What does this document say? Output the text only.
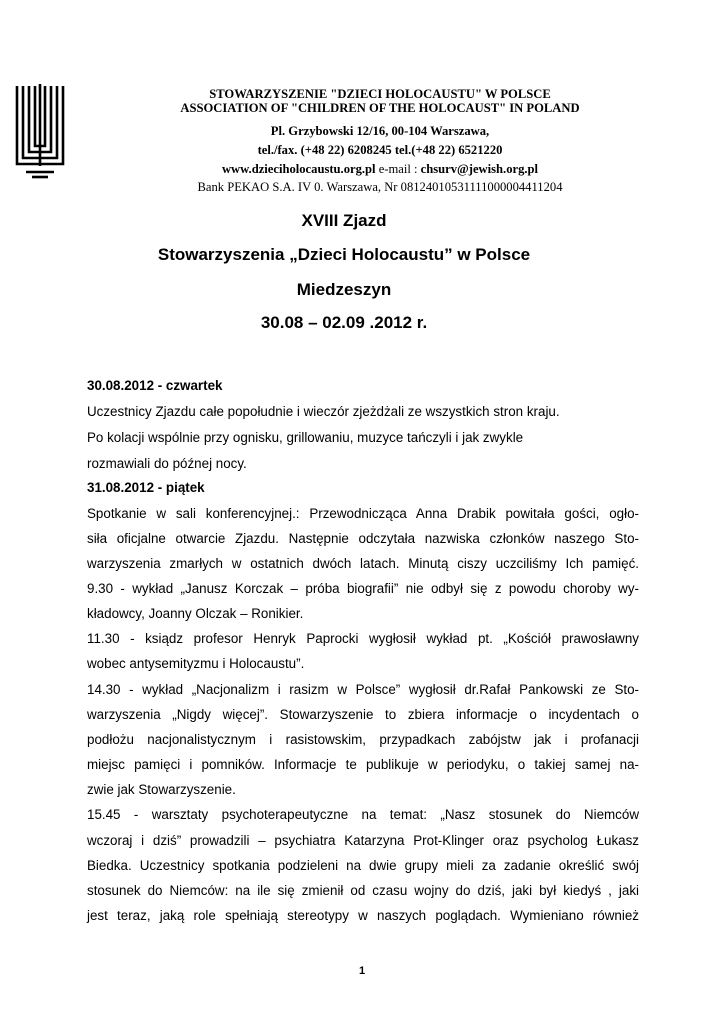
STOWARZYSZENIE "DZIECI HOLOCAUSTU" W POLSCE
ASSOCIATION OF "CHILDREN OF THE HOLOCAUST" IN POLAND
Pl. Grzybowski 12/16, 00-104 Warszawa,
tel./fax. (+48 22) 6208245 tel.(+48 22) 6521220
www.dzieciholocaustu.org.pl e-mail : chsurv@jewish.org.pl
Bank PEKAO S.A. IV 0. Warszawa, Nr 08124010531111000004411204
XVIII Zjazd
Stowarzyszenia „Dzieci Holocaustu” w Polsce
Miedzeszyn
30.08 – 02.09 .2012 r.
30.08.2012 - czwartek
Uczestnicy Zjazdu całe popołudnie i wieczór zjeżdżali ze wszystkich stron kraju.
Po kolacji wspólnie przy ognisku, grillowaniu, muzyce tańczyli i jak zwykle
rozmawiali do późnej nocy.
31.08.2012 - piątek
Spotkanie w sali konferencyjnej.: Przewodnicząca Anna Drabik powitała gości, ogło-
siła oficjalne otwarcie Zjazdu. Następnie odczytała nazwiska członków naszego Sto-
warzyszenia zmarłych w ostatnich dwóch latach. Minutą ciszy uczciliśmy Ich pamięć.
9.30 - wykład „Janusz Korczak – próba biografii” nie odbył się z powodu choroby wy-
kładowcy, Joanny Olczak – Ronikier.
11.30 - ksiądz profesor Henryk Paprocki wygłosił wykład pt. „Kościół prawosławny
wobec antysemityzmu i Holocaustu”.
14.30 - wykład „Nacjonalizm i rasizm w Polsce” wygłosił dr.Rafał Pankowski ze Sto-
warzyszenia „Nigdy więcej”. Stowarzyszenie to zbiera informacje o incydentach o
podłożu nacjonalistycznym i rasistowskim, przypadkach zabójstw jak i profanacji
miejsc pamięci i pomników. Informacje te publikuje w periodyku, o takiej samej na-
zwie jak Stowarzyszenie.
15.45 - warsztaty psychoterapeutyczne na temat: „Nasz stosunek do Niemców
wczoraj i dziś” prowadzili – psychiatra Katarzyna Prot-Klinger oraz psycholog Łukasz
Biedka. Uczestnicy spotkania podzieleni na dwie grupy mieli za zadanie określić swój
stosunek do Niemców: na ile się zmienił od czasu wojny do dziś, jaki był kiedyś , jaki
jest teraz, jaką role spełniają stereotypy w naszych poglądach. Wymieniano również
1
